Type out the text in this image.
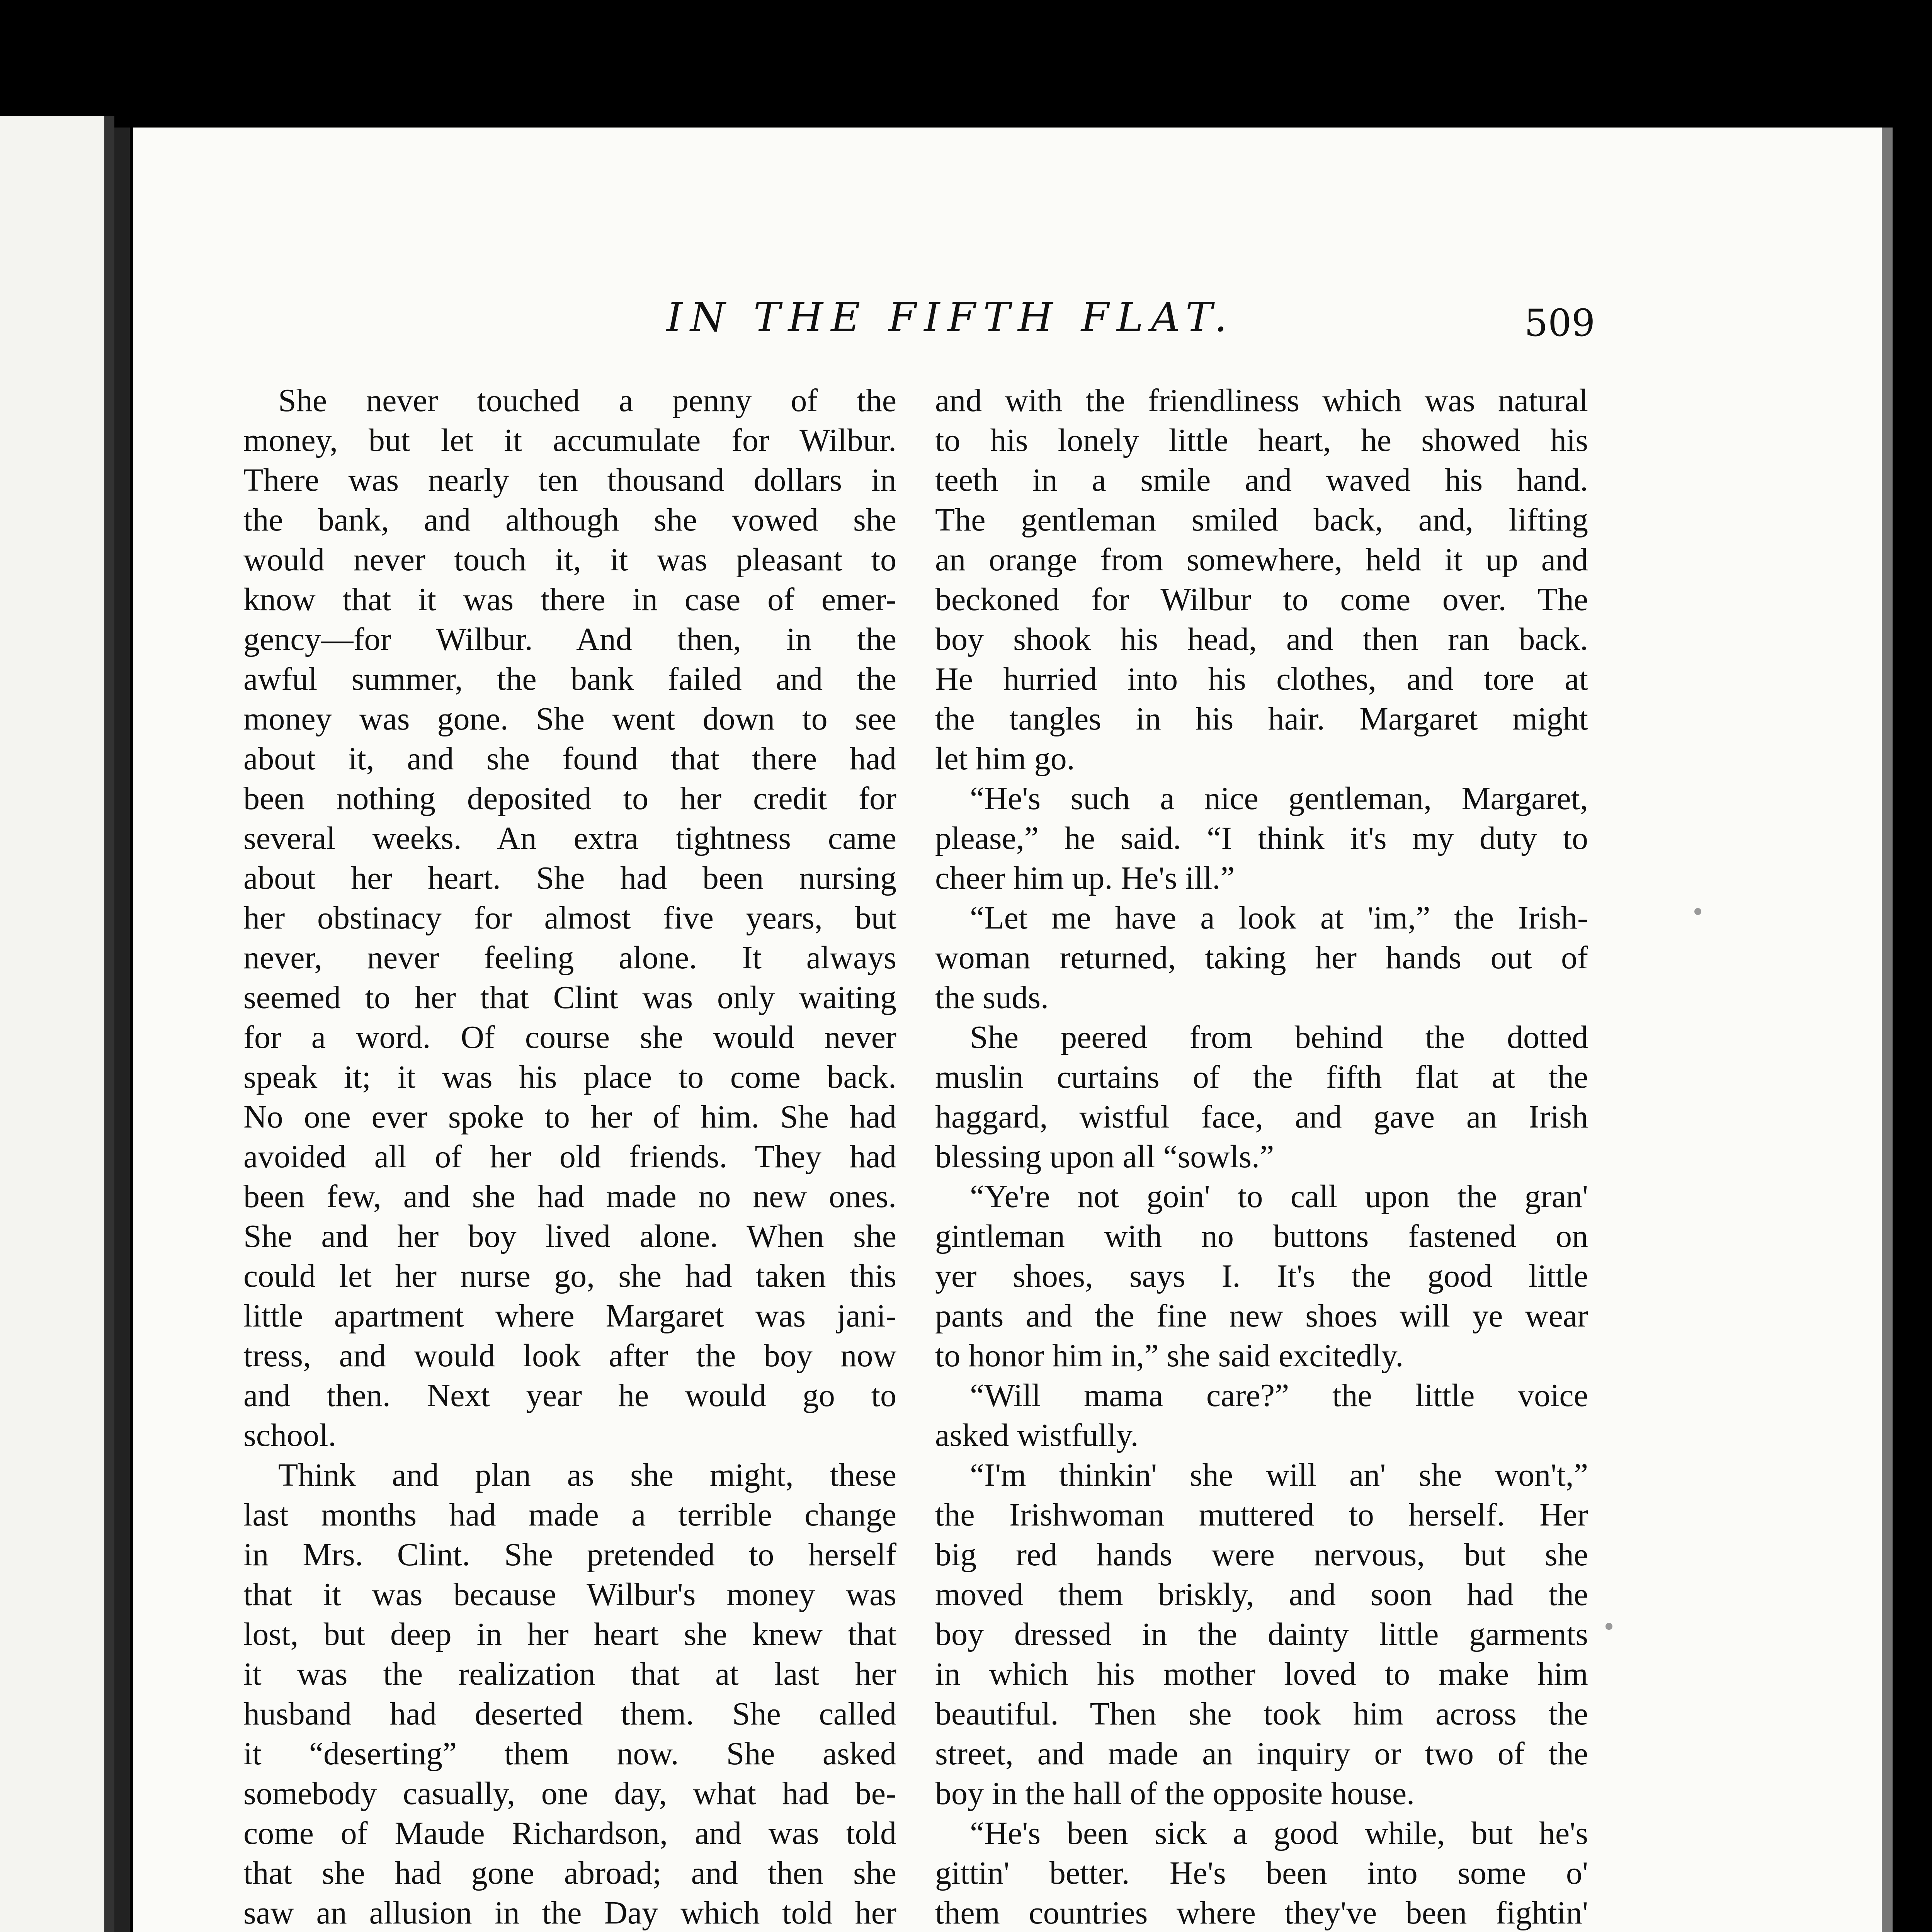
IN THE FIFTH FLAT.	509
She never touched a penny of the
money, but let it accumulate for Wilbur.
There was nearly ten thousand dollars in
the bank, and although she vowed she
would never touch it, it was pleasant to
know that it was there in case of emer-
gency—for Wilbur. And then, in the
awful summer, the bank failed and the
money was gone. She went down to see
about it, and she found that there had
been nothing deposited to her credit for
several weeks. An extra tightness came
about her heart. She had been nursing
her obstinacy for almost five years, but
never, never feeling alone. It always
seemed to her that Clint was only waiting
for a word. Of course she would never
speak it; it was his place to come back.
No one ever spoke to her of him. She had
avoided all of her old friends. They had
been few, and she had made no new ones.
She and her boy lived alone. When she
could let her nurse go, she had taken this
little apartment where Margaret was jani-
tress, and would look after the boy now
and then. Next year he would go to
school.
Think and plan as she might, these
last months had made a terrible change
in Mrs. Clint. She pretended to herself
that it was because Wilbur's money was
lost, but deep in her heart she knew that
it was the realization that at last her
husband had deserted them. She called
it “deserting” them now. She asked
somebody casually, one day, what had be-
come of Maude Richardson, and was told
that she had gone abroad; and then she
saw an allusion in the Day which told her
and with the friendliness which was natural
to his lonely little heart, he showed his
teeth in a smile and waved his hand.
The gentleman smiled back, and, lifting
an orange from somewhere, held it up and
beckoned for Wilbur to come over. The
boy shook his head, and then ran back.
He hurried into his clothes, and tore at
the tangles in his hair. Margaret might
let him go.
“He's such a nice gentleman, Margaret,
please,” he said. “I think it's my duty to
cheer him up. He's ill.”
“Let me have a look at 'im,” the Irish-
woman returned, taking her hands out of
the suds.
She peered from behind the dotted
muslin curtains of the fifth flat at the
haggard, wistful face, and gave an Irish
blessing upon all “sowls.”
“Ye're not goin' to call upon the gran'
gintleman with no buttons fastened on
yer shoes, says I. It's the good little
pants and the fine new shoes will ye wear
to honor him in,” she said excitedly.
“Will mama care?” the little voice
asked wistfully.
“I'm thinkin' she will an' she won't,”
the Irishwoman muttered to herself. Her
big red hands were nervous, but she
moved them briskly, and soon had the
boy dressed in the dainty little garments
in which his mother loved to make him
beautiful. Then she took him across the
street, and made an inquiry or two of the
boy in the hall of the opposite house.
“He's been sick a good while, but he's
gittin' better. He's been into some o'
them countries where they've been fightin'
